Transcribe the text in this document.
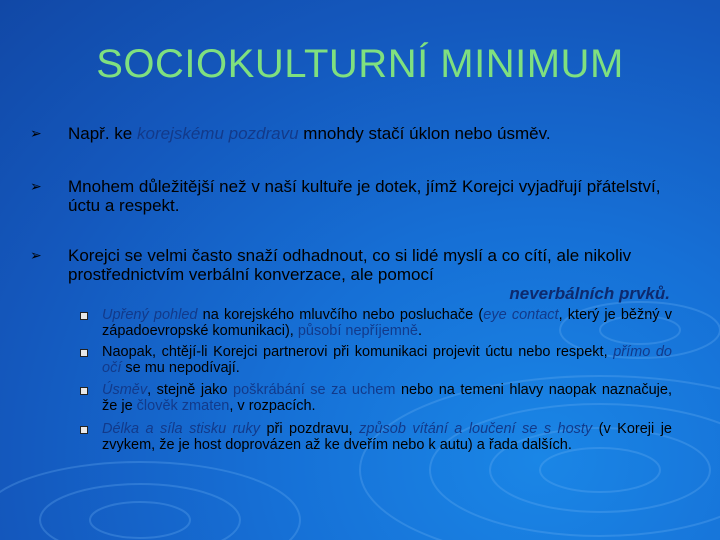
SOCIOKULTURNÍ MINIMUM
➢ Např. ke korejskému pozdravu mnohdy stačí úklon nebo úsměv.
➢ Mnohem důležitější než v naší kultuře je dotek, jímž Korejci vyjadřují přátelství, úctu a respekt.
➢ Korejci se velmi často snaží odhadnout, co si lidé myslí a co cítí, ale nikoliv prostřednictvím verbální konverzace, ale pomocí
neverbálních prvků.
Upřený pohled na korejského mluvčího nebo posluchače (eye contact, který je běžný v západoevropské komunikaci), působí nepříjemně.
Naopak, chtějí-li Korejci partnerovi při komunikaci projevit úctu nebo respekt, přímo do očí se mu nepodívají.
Úsměv, stejně jako poškrábání se za uchem nebo na temeni hlavy naopak naznačuje, že je člověk zmaten, v rozpacích.
Délka a síla stisku ruky při pozdravu, způsob vítání a loučení se s hosty (v Koreji je zvykem, že je host doprovázen až ke dveřím nebo k autu) a řada dalších.
